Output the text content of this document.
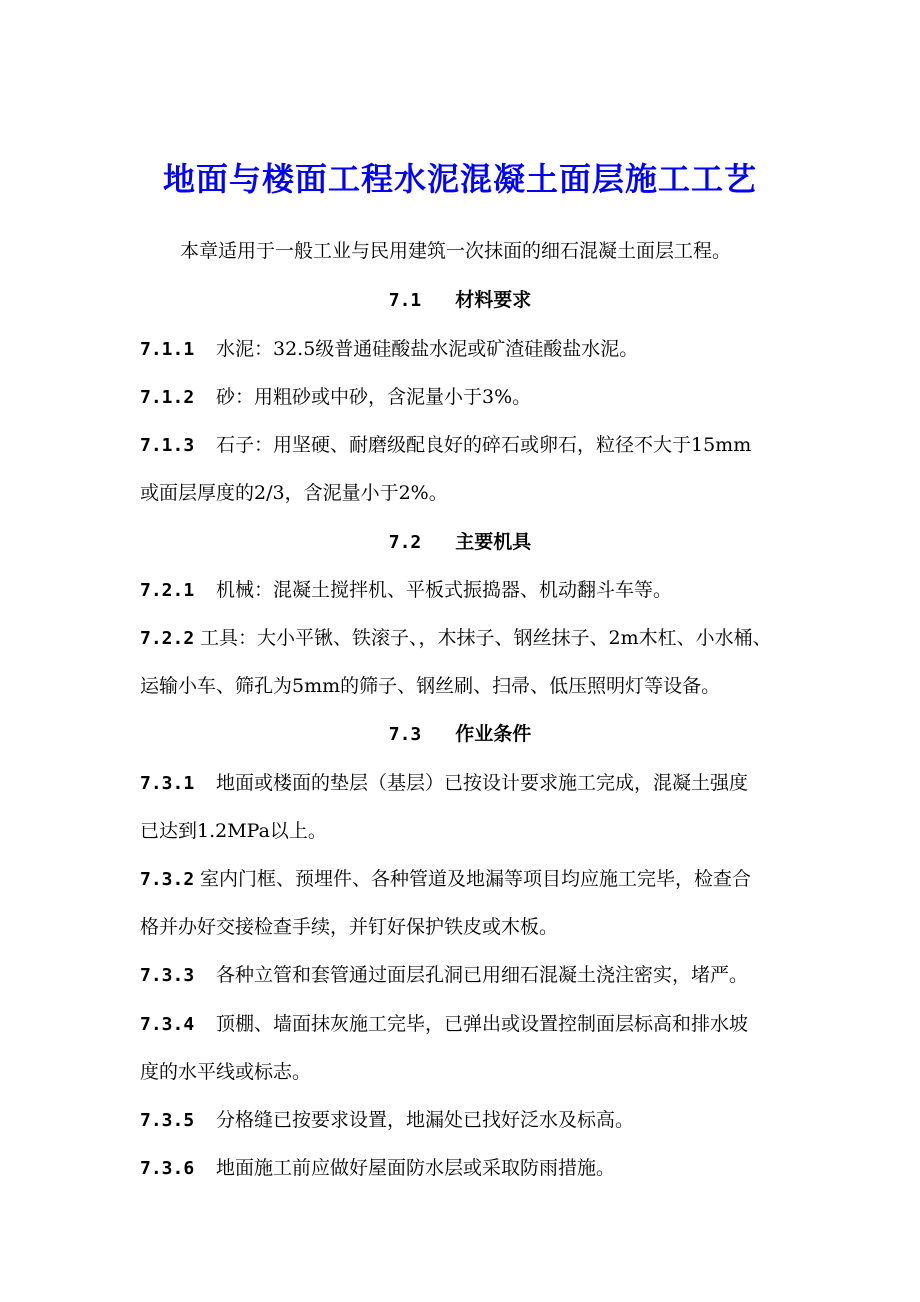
地面与楼面工程水泥混凝土面层施工工艺
本章适用于一般工业与民用建筑一次抹面的细石混凝土面层工程。
7.1 材料要求
7.1.1 水泥：32.5级普通硅酸盐水泥或矿渣硅酸盐水泥。
7.1.2 砂：用粗砂或中砂，含泥量小于3%。
7.1.3 石子：用坚硬、耐磨级配良好的碎石或卵石，粒径不大于15mm
或面层厚度的2/3，含泥量小于2%。
7.2 主要机具
7.2.1 机械：混凝土搅拌机、平板式振捣器、机动翻斗车等。
7.2.2 工具：大小平锹、铁滚子、，木抹子、钢丝抹子、2m木杠、小水桶、
运输小车、筛孔为5mm的筛子、钢丝刷、扫帚、低压照明灯等设备。
7.3 作业条件
7.3.1 地面或楼面的垫层（基层）已按设计要求施工完成，混凝土强度
已达到1.2MPa以上。
7.3.2 室内门框、预埋件、各种管道及地漏等项目均应施工完毕，检查合
格并办好交接检查手续，并钉好保护铁皮或木板。
7.3.3 各种立管和套管通过面层孔洞已用细石混凝土浇注密实，堵严。
7.3.4 顶棚、墙面抹灰施工完毕，已弹出或设置控制面层标高和排水坡
度的水平线或标志。
7.3.5 分格缝已按要求设置，地漏处已找好泛水及标高。
7.3.6 地面施工前应做好屋面防水层或采取防雨措施。
